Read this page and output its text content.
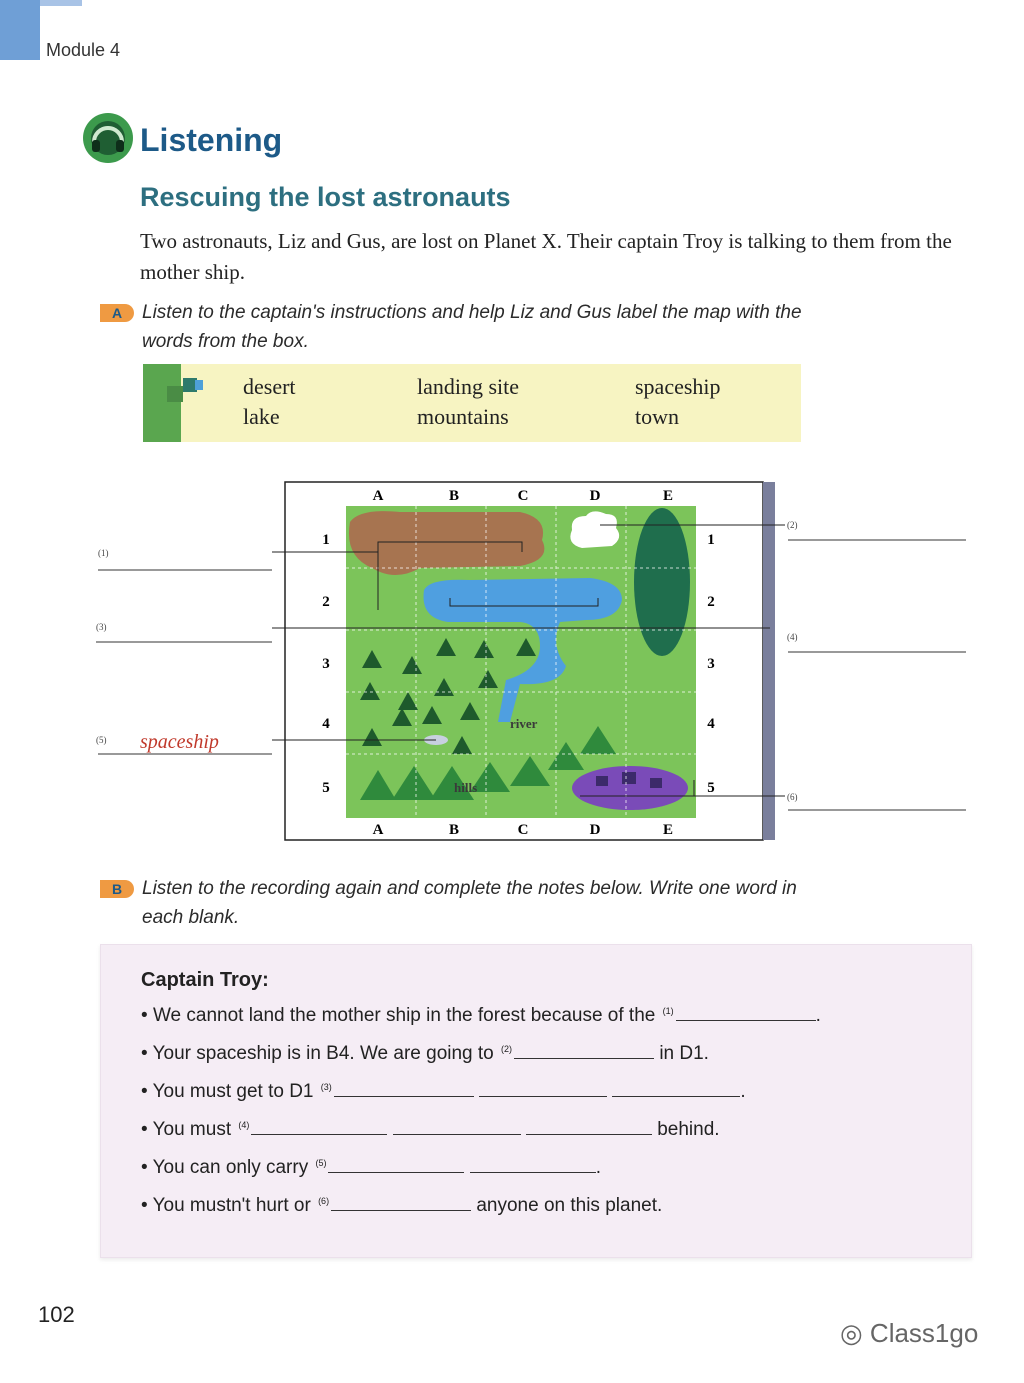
Module 4
Listening
Rescuing the lost astronauts
Two astronauts, Liz and Gus, are lost on Planet X. Their captain Troy is talking to them from the mother ship.
A	Listen to the captain's instructions and help Liz and Gus label the map with the
words from the box.
desert
lake
landing site
mountains
spaceship
town
A	B	C	D	E
A	B	C	D	E
1
2
3
4
5
1
2
3
4
5
river
hills
(1)
(2)
(3)
(4)
(5)
(6)
spaceship
B	Listen to the recording again and complete the notes below. Write one word in
each blank.
Captain Troy:
• We cannot land the mother ship in the forest because of the $^{(1)}$	.
• Your spaceship is in B4. We are going to $^{(2)}$	in D1.
• You must get to D1 $^{(3)}$	.
• You must $^{(4)}$	behind.
• You can only carry $^{(5)}$	.
• You mustn't hurt or $^{(6)}$	anyone on this planet.
102
◎ Class1go
